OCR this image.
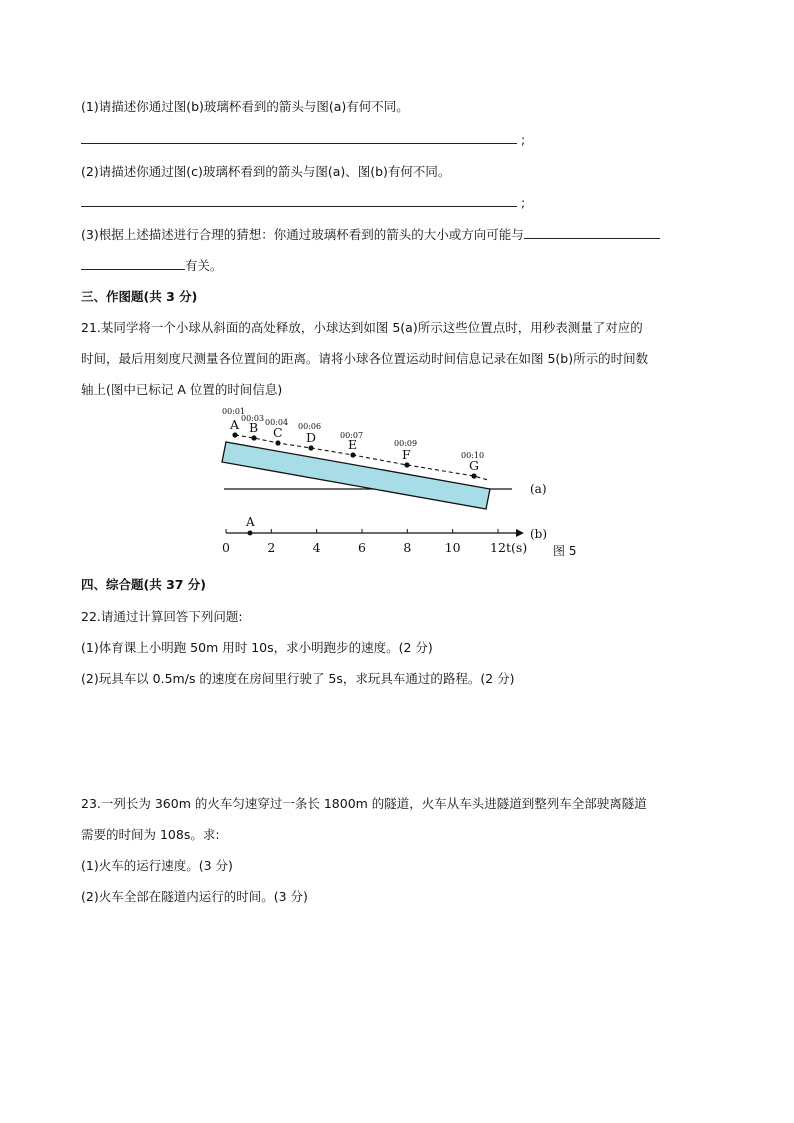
(1)请描述你通过图(b)玻璃杯看到的箭头与图(a)有何不同。
;
(2)请描述你通过图(c)玻璃杯看到的箭头与图(a)、图(b)有何不同。
;
(3)根据上述描述进行合理的猜想：你通过玻璃杯看到的箭头的大小或方向可能与
有关。
三、作图题(共 3 分)
21.某同学将一个小球从斜面的高处释放，小球达到如图 5(a)所示这些位置点时，用秒表测量了对应的
时间，最后用刻度尺测量各位置间的距离。请将小球各位置运动时间信息记录在如图 5(b)所示的时间数
轴上(图中已标记 A 位置的时间信息)
00:01
A 00:03
B 00:04
C 00:06
D	00:07
E	00:09
F	00:10
G
(a)
0	2	4	6	8	10 12
A
t(s)
(b)
图 5
四、综合题(共 37 分)
22.请通过计算回答下列问题:
(1)体育课上小明跑 50m 用时 10s，求小明跑步的速度。(2 分)
(2)玩具车以 0.5m/s 的速度在房间里行驶了 5s，求玩具车通过的路程。(2 分)
23.一列长为 360m 的火车匀速穿过一条长 1800m 的隧道，火车从车头进隧道到整列车全部驶离隧道
需要的时间为 108s。求:
(1)火车的运行速度。(3 分)
(2)火车全部在隧道内运行的时间。(3 分)
